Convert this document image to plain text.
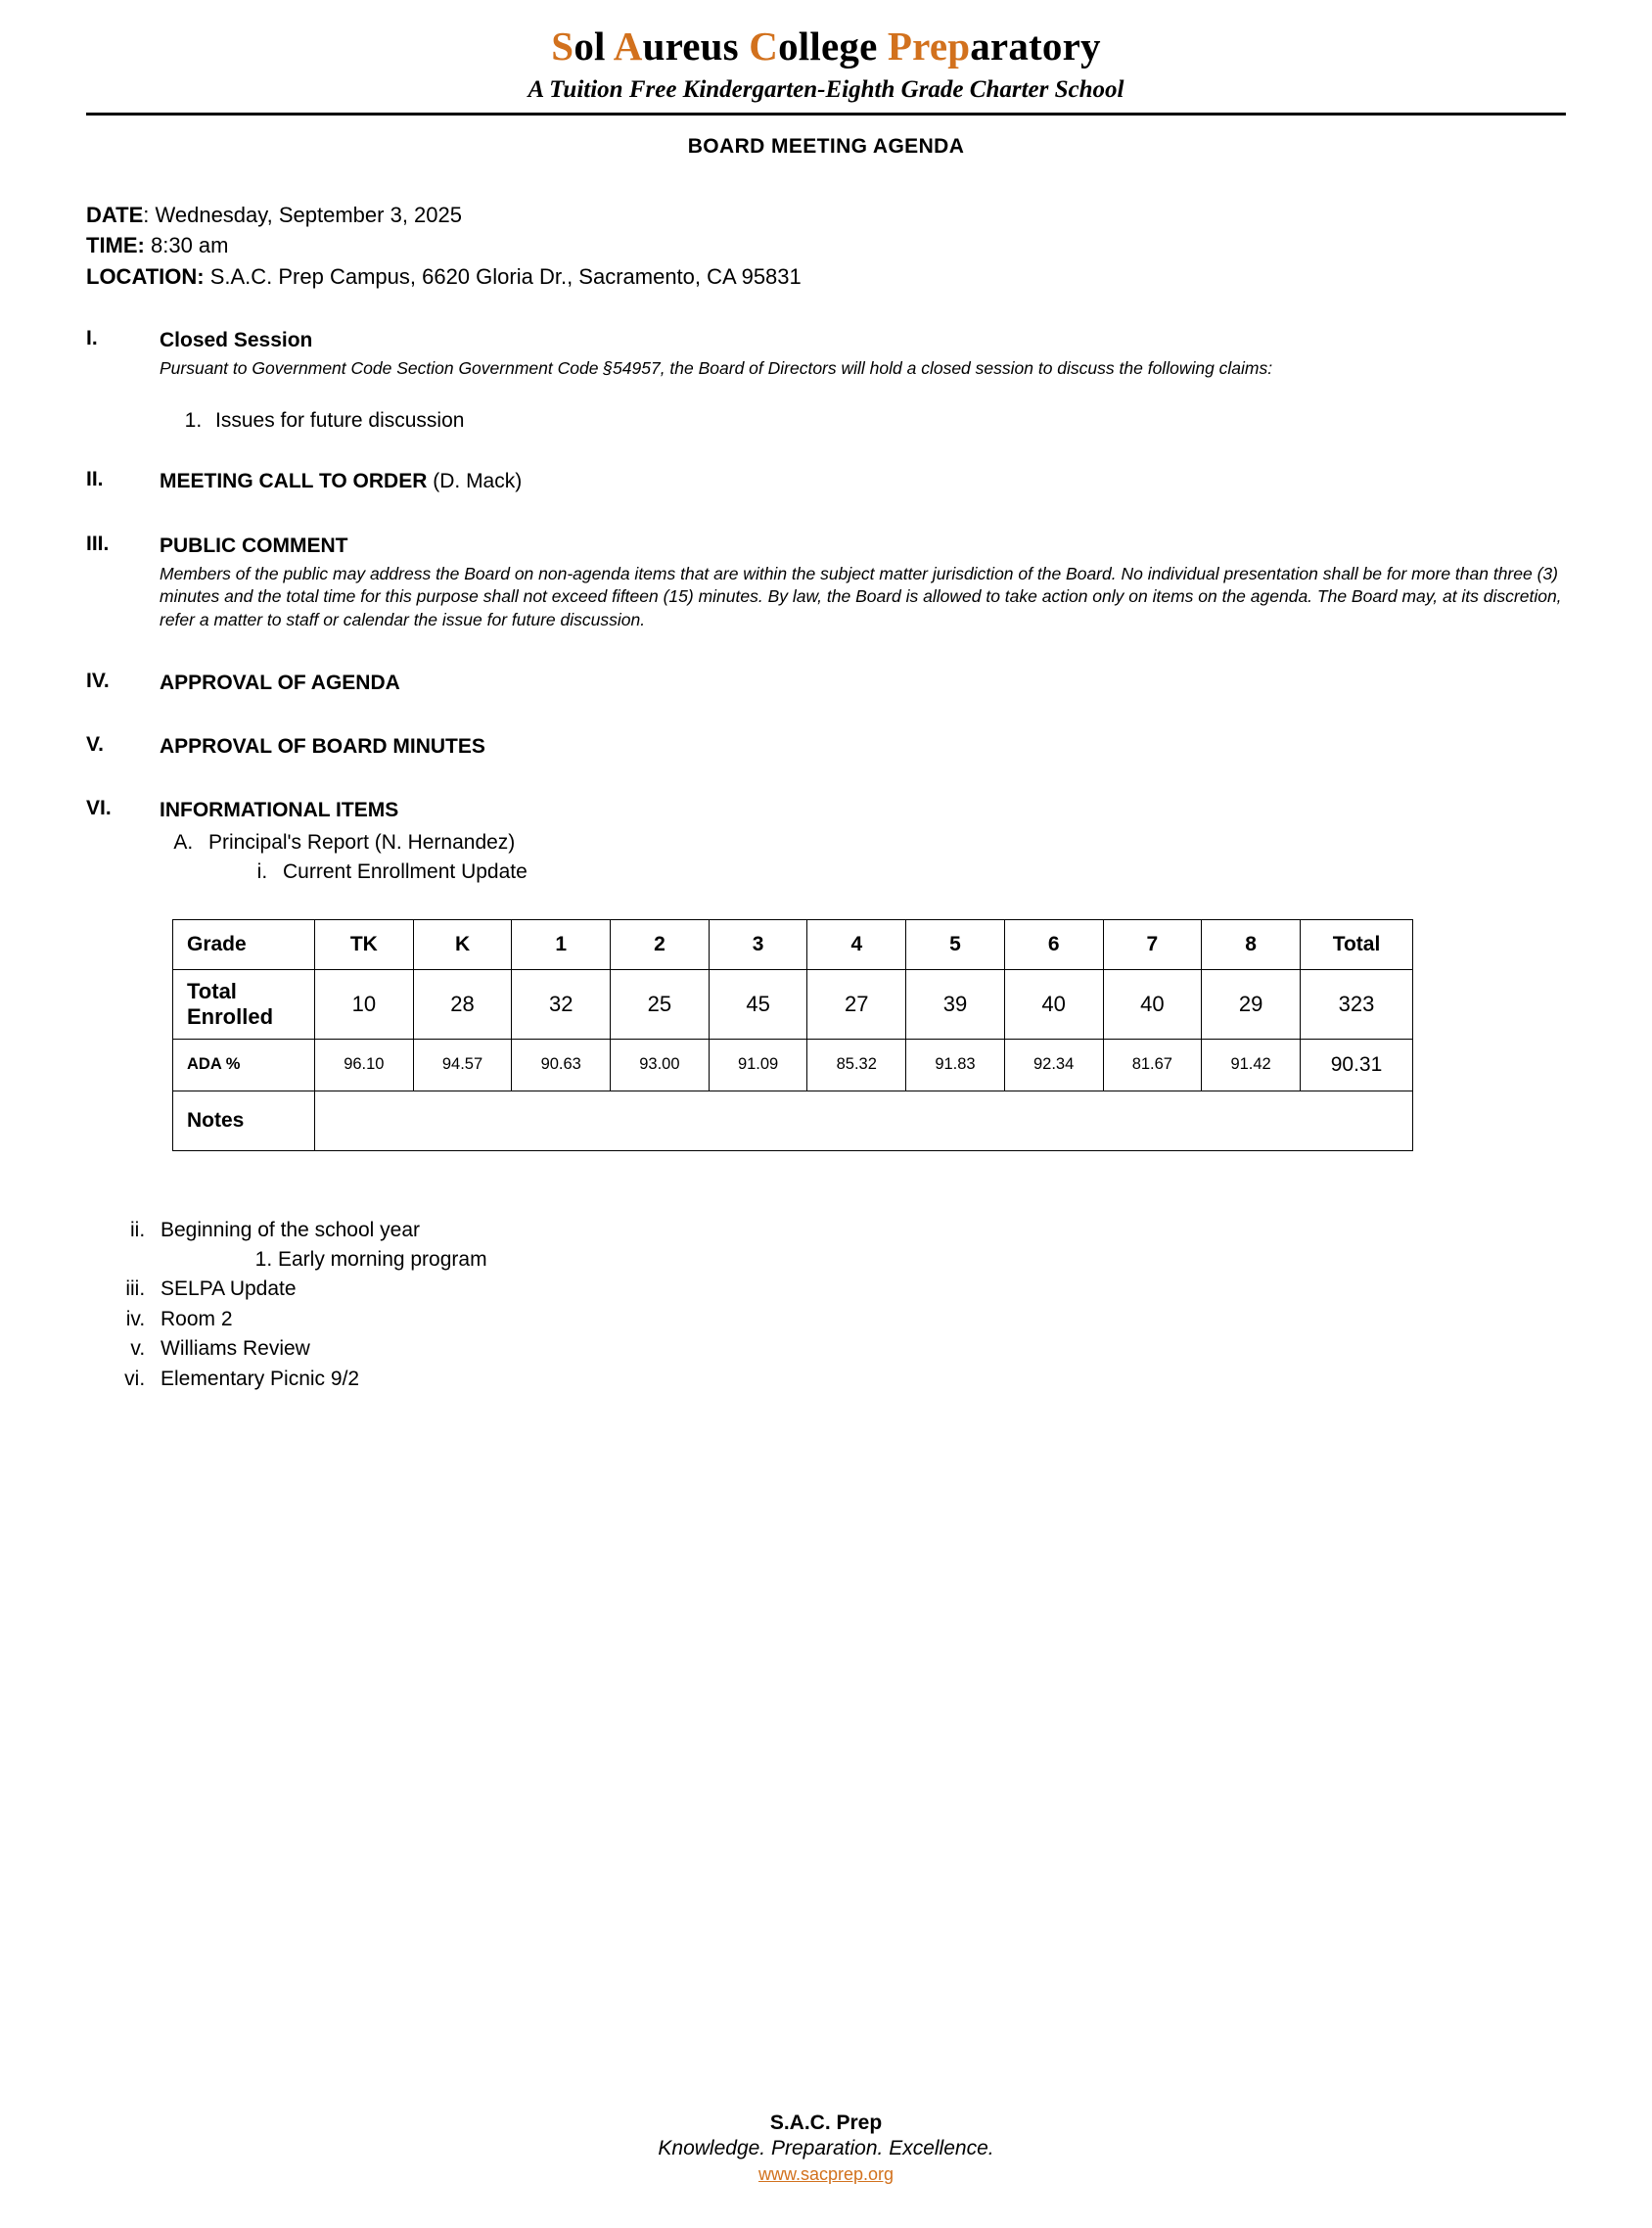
Sol Aureus College Preparatory
A Tuition Free Kindergarten-Eighth Grade Charter School
BOARD MEETING AGENDA
DATE: Wednesday, September 3, 2025
TIME: 8:30 am
LOCATION: S.A.C. Prep Campus, 6620 Gloria Dr., Sacramento, CA 95831
I.	Closed Session
Pursuant to Government Code Section Government Code §54957, the Board of Directors will hold a closed session to discuss the following claims:
1. Issues for future discussion
II.	MEETING CALL TO ORDER (D. Mack)
III.	PUBLIC COMMENT
Members of the public may address the Board on non-agenda items that are within the subject matter jurisdiction of the Board. No individual presentation shall be for more than three (3) minutes and the total time for this purpose shall not exceed fifteen (15) minutes. By law, the Board is allowed to take action only on items on the agenda. The Board may, at its discretion, refer a matter to staff or calendar the issue for future discussion.
IV.	APPROVAL OF AGENDA
V.	APPROVAL OF BOARD MINUTES
VI.	INFORMATIONAL ITEMS
A. Principal's Report (N. Hernandez)
i. Current Enrollment Update
Grade	TK	K	1	2	3	4	5	6	7	8	Total

Total
Enrolled	10	28	32	25	45	27	39	40	40	29	323
ADA %	96.10	94.57	90.63	93.00	91.09	85.32	91.83	92.34	81.67	91.42	90.31
Notes											
ii. Beginning of the school year
1. Early morning program
iii. SELPA Update
iv. Room 2
v. Williams Review
vi. Elementary Picnic 9/2
S.A.C. Prep
Knowledge. Preparation. Excellence.
www.sacprep.org
